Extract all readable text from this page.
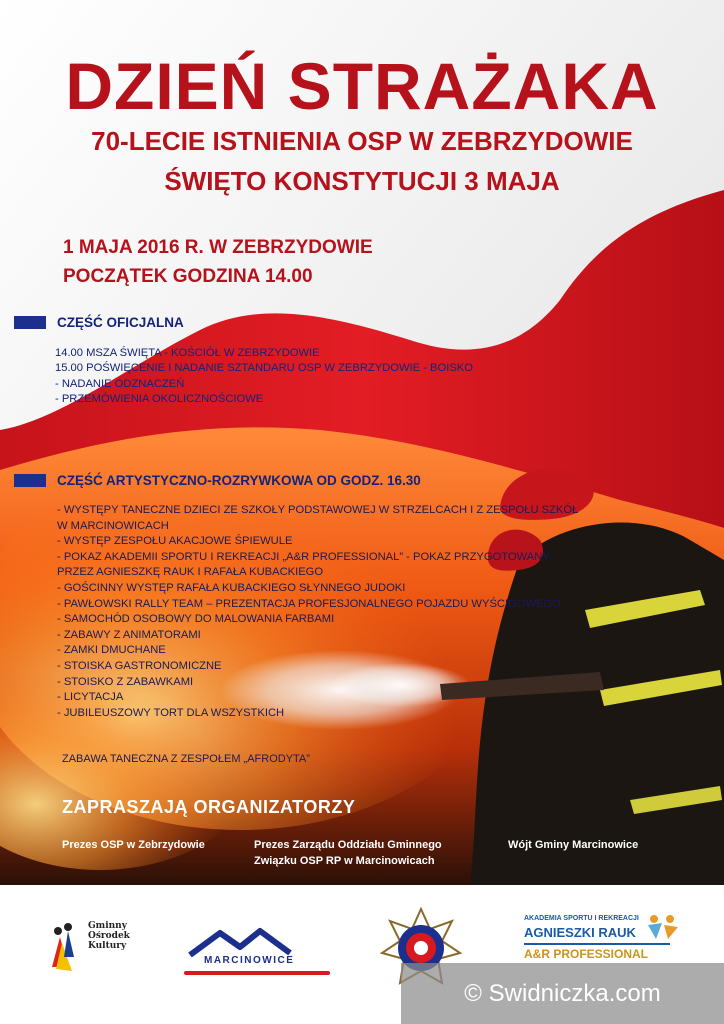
DZIEŃ STRAŻAKA
70-LECIE ISTNIENIA OSP W ZEBRZYDOWIE
ŚWIĘTO KONSTYTUCJI 3 MAJA
1 MAJA 2016 R. W ZEBRZYDOWIE
POCZĄTEK GODZINA 14.00
CZĘŚĆ OFICJALNA
14.00 MSZA ŚWIĘTA - KOŚCIÓŁ W ZEBRZYDOWIE
15.00 POŚWIĘCENIE I NADANIE SZTANDARU OSP W ZEBRZYDOWIE - BOISKO
- NADANIE ODZNACZEŃ
- PRZEMÓWIENIA OKOLICZNOŚCIOWE
CZĘŚĆ ARTYSTYCZNO-ROZRYWKOWA OD GODZ. 16.30
- WYSTĘPY TANECZNE DZIECI ZE SZKOŁY PODSTAWOWEJ W STRZELCACH I Z ZESPOŁU SZKÓŁ
W MARCINOWICACH
- WYSTĘP ZESPOŁU AKACJOWE ŚPIEWULE
- POKAZ AKADEMII SPORTU I REKREACJI „A&R PROFESSIONAL” - POKAZ PRZYGOTOWANY
PRZEZ AGNIESZKĘ RAUK I RAFAŁA KUBACKIEGO
- GOŚCINNY WYSTĘP RAFAŁA KUBACKIEGO SŁYNNEGO JUDOKI
- PAWŁOWSKI RALLY TEAM – PREZENTACJA PROFESJONALNEGO POJAZDU WYŚCIGOWEGO
- SAMOCHÓD OSOBOWY DO MALOWANIA FARBAMI
- ZABAWY Z ANIMATORAMI
- ZAMKI DMUCHANE
- STOISKA GASTRONOMICZNE
- STOISKO Z ZABAWKAMI
- LICYTACJA
- JUBILEUSZOWY TORT DLA WSZYSTKICH
ZABAWA TANECZNA Z ZESPOŁEM „AFRODYTA”
ZAPRASZAJĄ ORGANIZATORZY
Prezes OSP w Zebrzydowie	Prezes Zarządu Oddziału Gminnego
Związku OSP RP w Marcinowicach
Wójt Gminy Marcinowice
Gminny
Ośrodek
Kultury
MARCINOWICE
AKADEMIA SPORTU I REKREACJI
AGNIESZKI RAUK
A&R PROFESSIONAL
© Swidniczka.com
